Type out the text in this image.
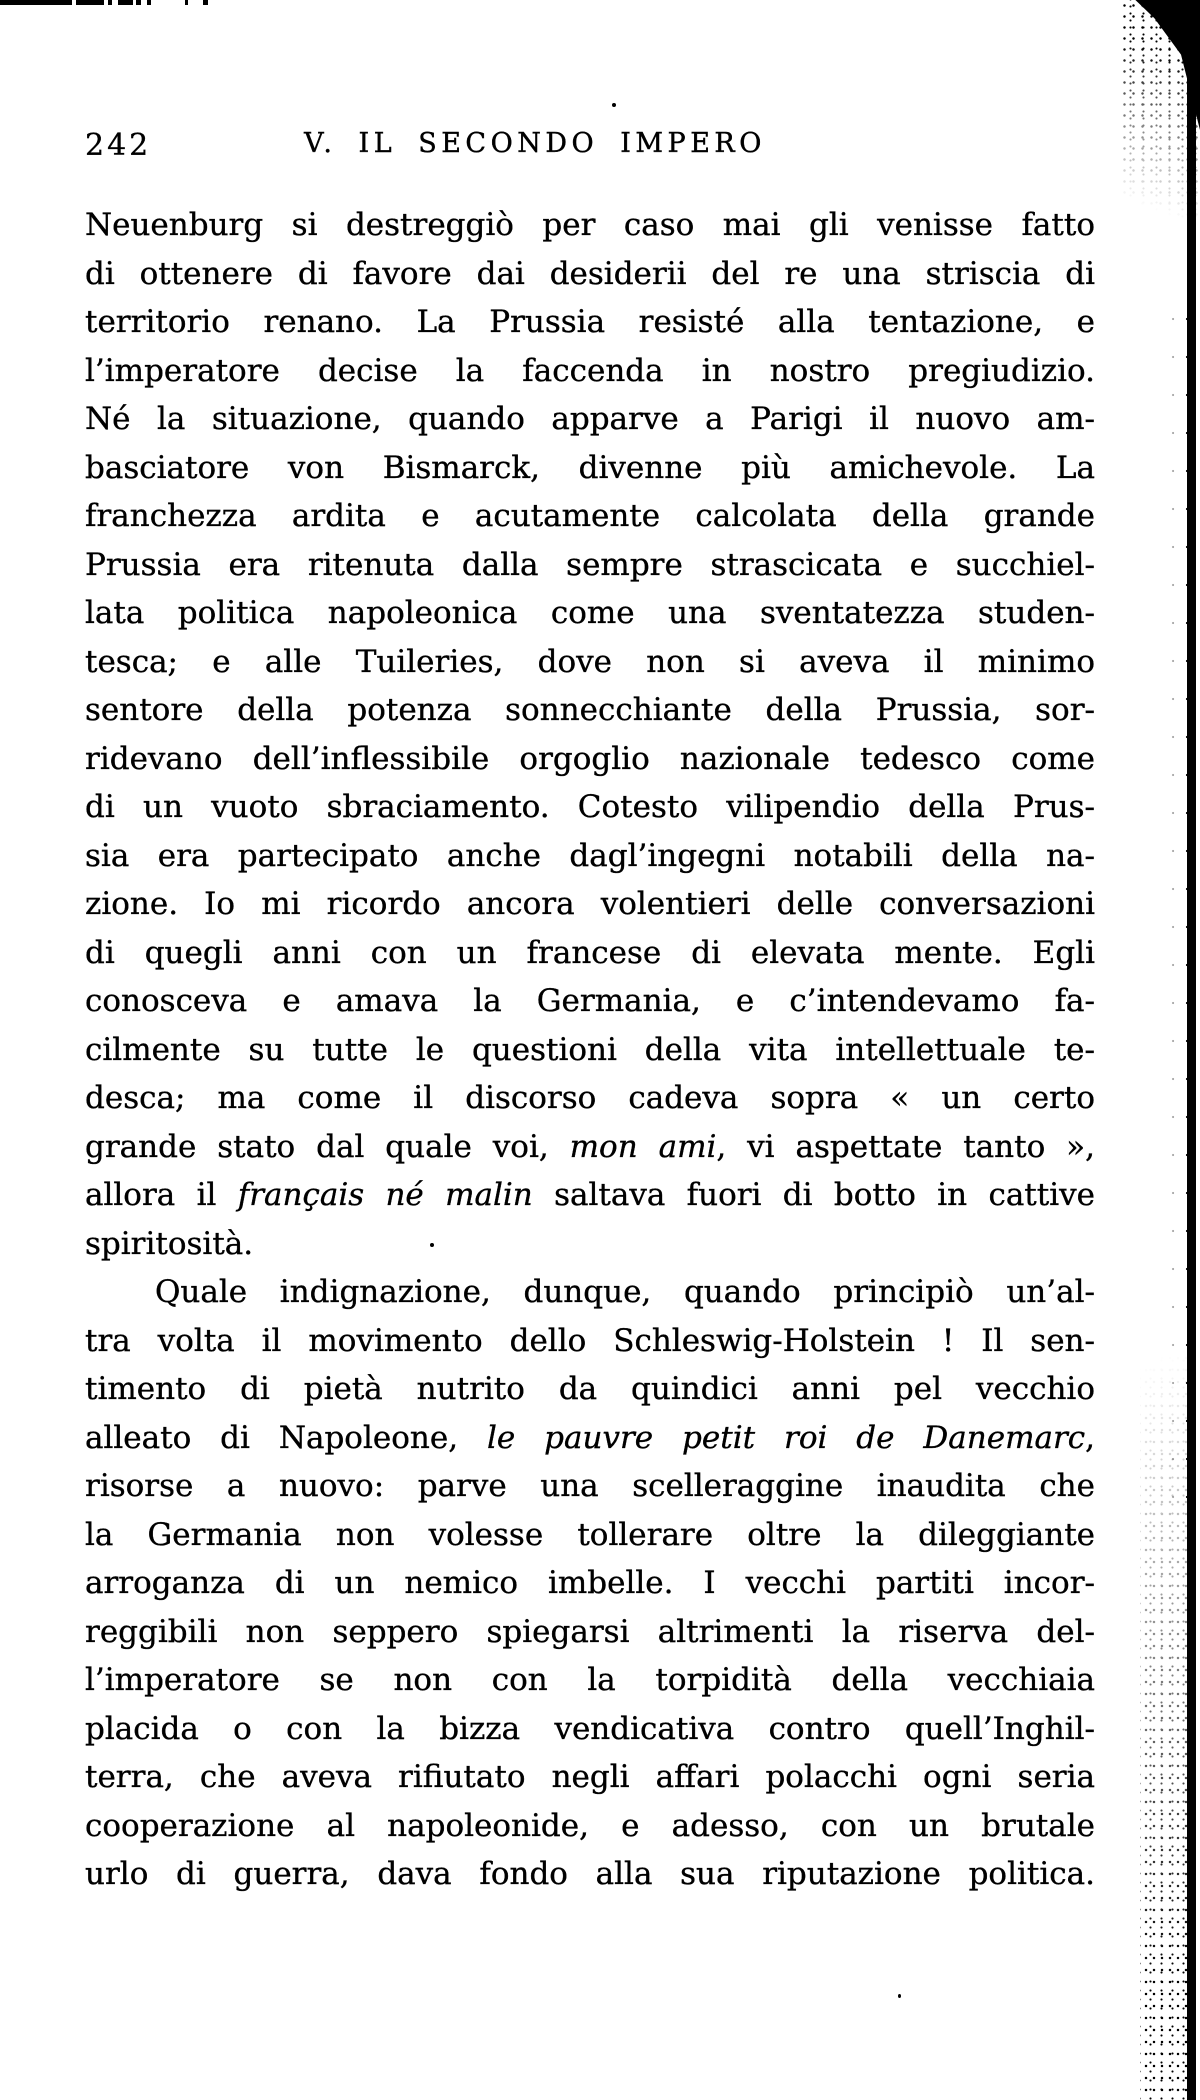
242	V. IL SECONDO IMPERO
Neuenburg si destreggiò per caso mai gli venisse fatto
di ottenere di favore dai desiderii del re una striscia di
territorio renano. La Prussia resisté alla tentazione, e
l’imperatore decise la faccenda in nostro pregiudizio.
Né la situazione, quando apparve a Parigi il nuovo am-
basciatore von Bismarck, divenne più amichevole. La
franchezza ardita e acutamente calcolata della grande
Prussia era ritenuta dalla sempre strascicata e succhiel-
lata politica napoleonica come una sventatezza studen-
tesca; e alle Tuileries, dove non si aveva il minimo
sentore della potenza sonnecchiante della Prussia, sor-
ridevano dell’inflessibile orgoglio nazionale tedesco come
di un vuoto sbraciamento. Cotesto vilipendio della Prus-
sia era partecipato anche dagl’ingegni notabili della na-
zione. Io mi ricordo ancora volentieri delle conversazioni
di quegli anni con un francese di elevata mente. Egli
conosceva e amava la Germania, e c’intendevamo fa-
cilmente su tutte le questioni della vita intellettuale te-
desca; ma come il discorso cadeva sopra « un certo
grande stato dal quale voi, mon ami, vi aspettate tanto »,
allora il français né malin saltava fuori di botto in cattive
spiritosità.
Quale indignazione, dunque, quando principiò un’al-
tra volta il movimento dello Schleswig-Holstein ! Il sen-
timento di pietà nutrito da quindici anni pel vecchio
alleato di Napoleone, le pauvre petit roi de Danemarc,
risorse a nuovo: parve una scelleraggine inaudita che
la Germania non volesse tollerare oltre la dileggiante
arroganza di un nemico imbelle. I vecchi partiti incor-
reggibili non seppero spiegarsi altrimenti la riserva del-
l’imperatore se non con la torpidità della vecchiaia
placida o con la bizza vendicativa contro quell’Inghil-
terra, che aveva rifiutato negli affari polacchi ogni seria
cooperazione al napoleonide, e adesso, con un brutale
urlo di guerra, dava fondo alla sua riputazione politica.
